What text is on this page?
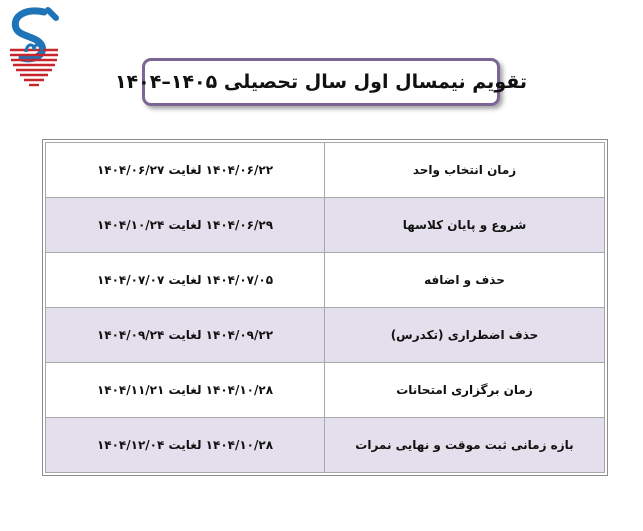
تقویم نیمسال اول سال تحصیلی ۱۴۰۵–۱۴۰۴
۱۴۰۴/۰۶/۲۲ لغایت ۱۴۰۴/۰۶/۲۷	زمان انتخاب واحد
۱۴۰۴/۰۶/۲۹ لغایت ۱۴۰۴/۱۰/۲۴	شروع و پایان کلاسها
۱۴۰۴/۰۷/۰۵ لغایت ۱۴۰۴/۰۷/۰۷	حذف و اضافه
۱۴۰۴/۰۹/۲۲ لغایت ۱۴۰۴/۰۹/۲۴	حذف اضطراری (تکدرس)
۱۴۰۴/۱۰/۲۸ لغایت ۱۴۰۴/۱۱/۲۱	زمان برگزاری امتحانات
۱۴۰۴/۱۰/۲۸ لغایت ۱۴۰۴/۱۲/۰۴	بازه زمانی ثبت موقت و نهایی نمرات
